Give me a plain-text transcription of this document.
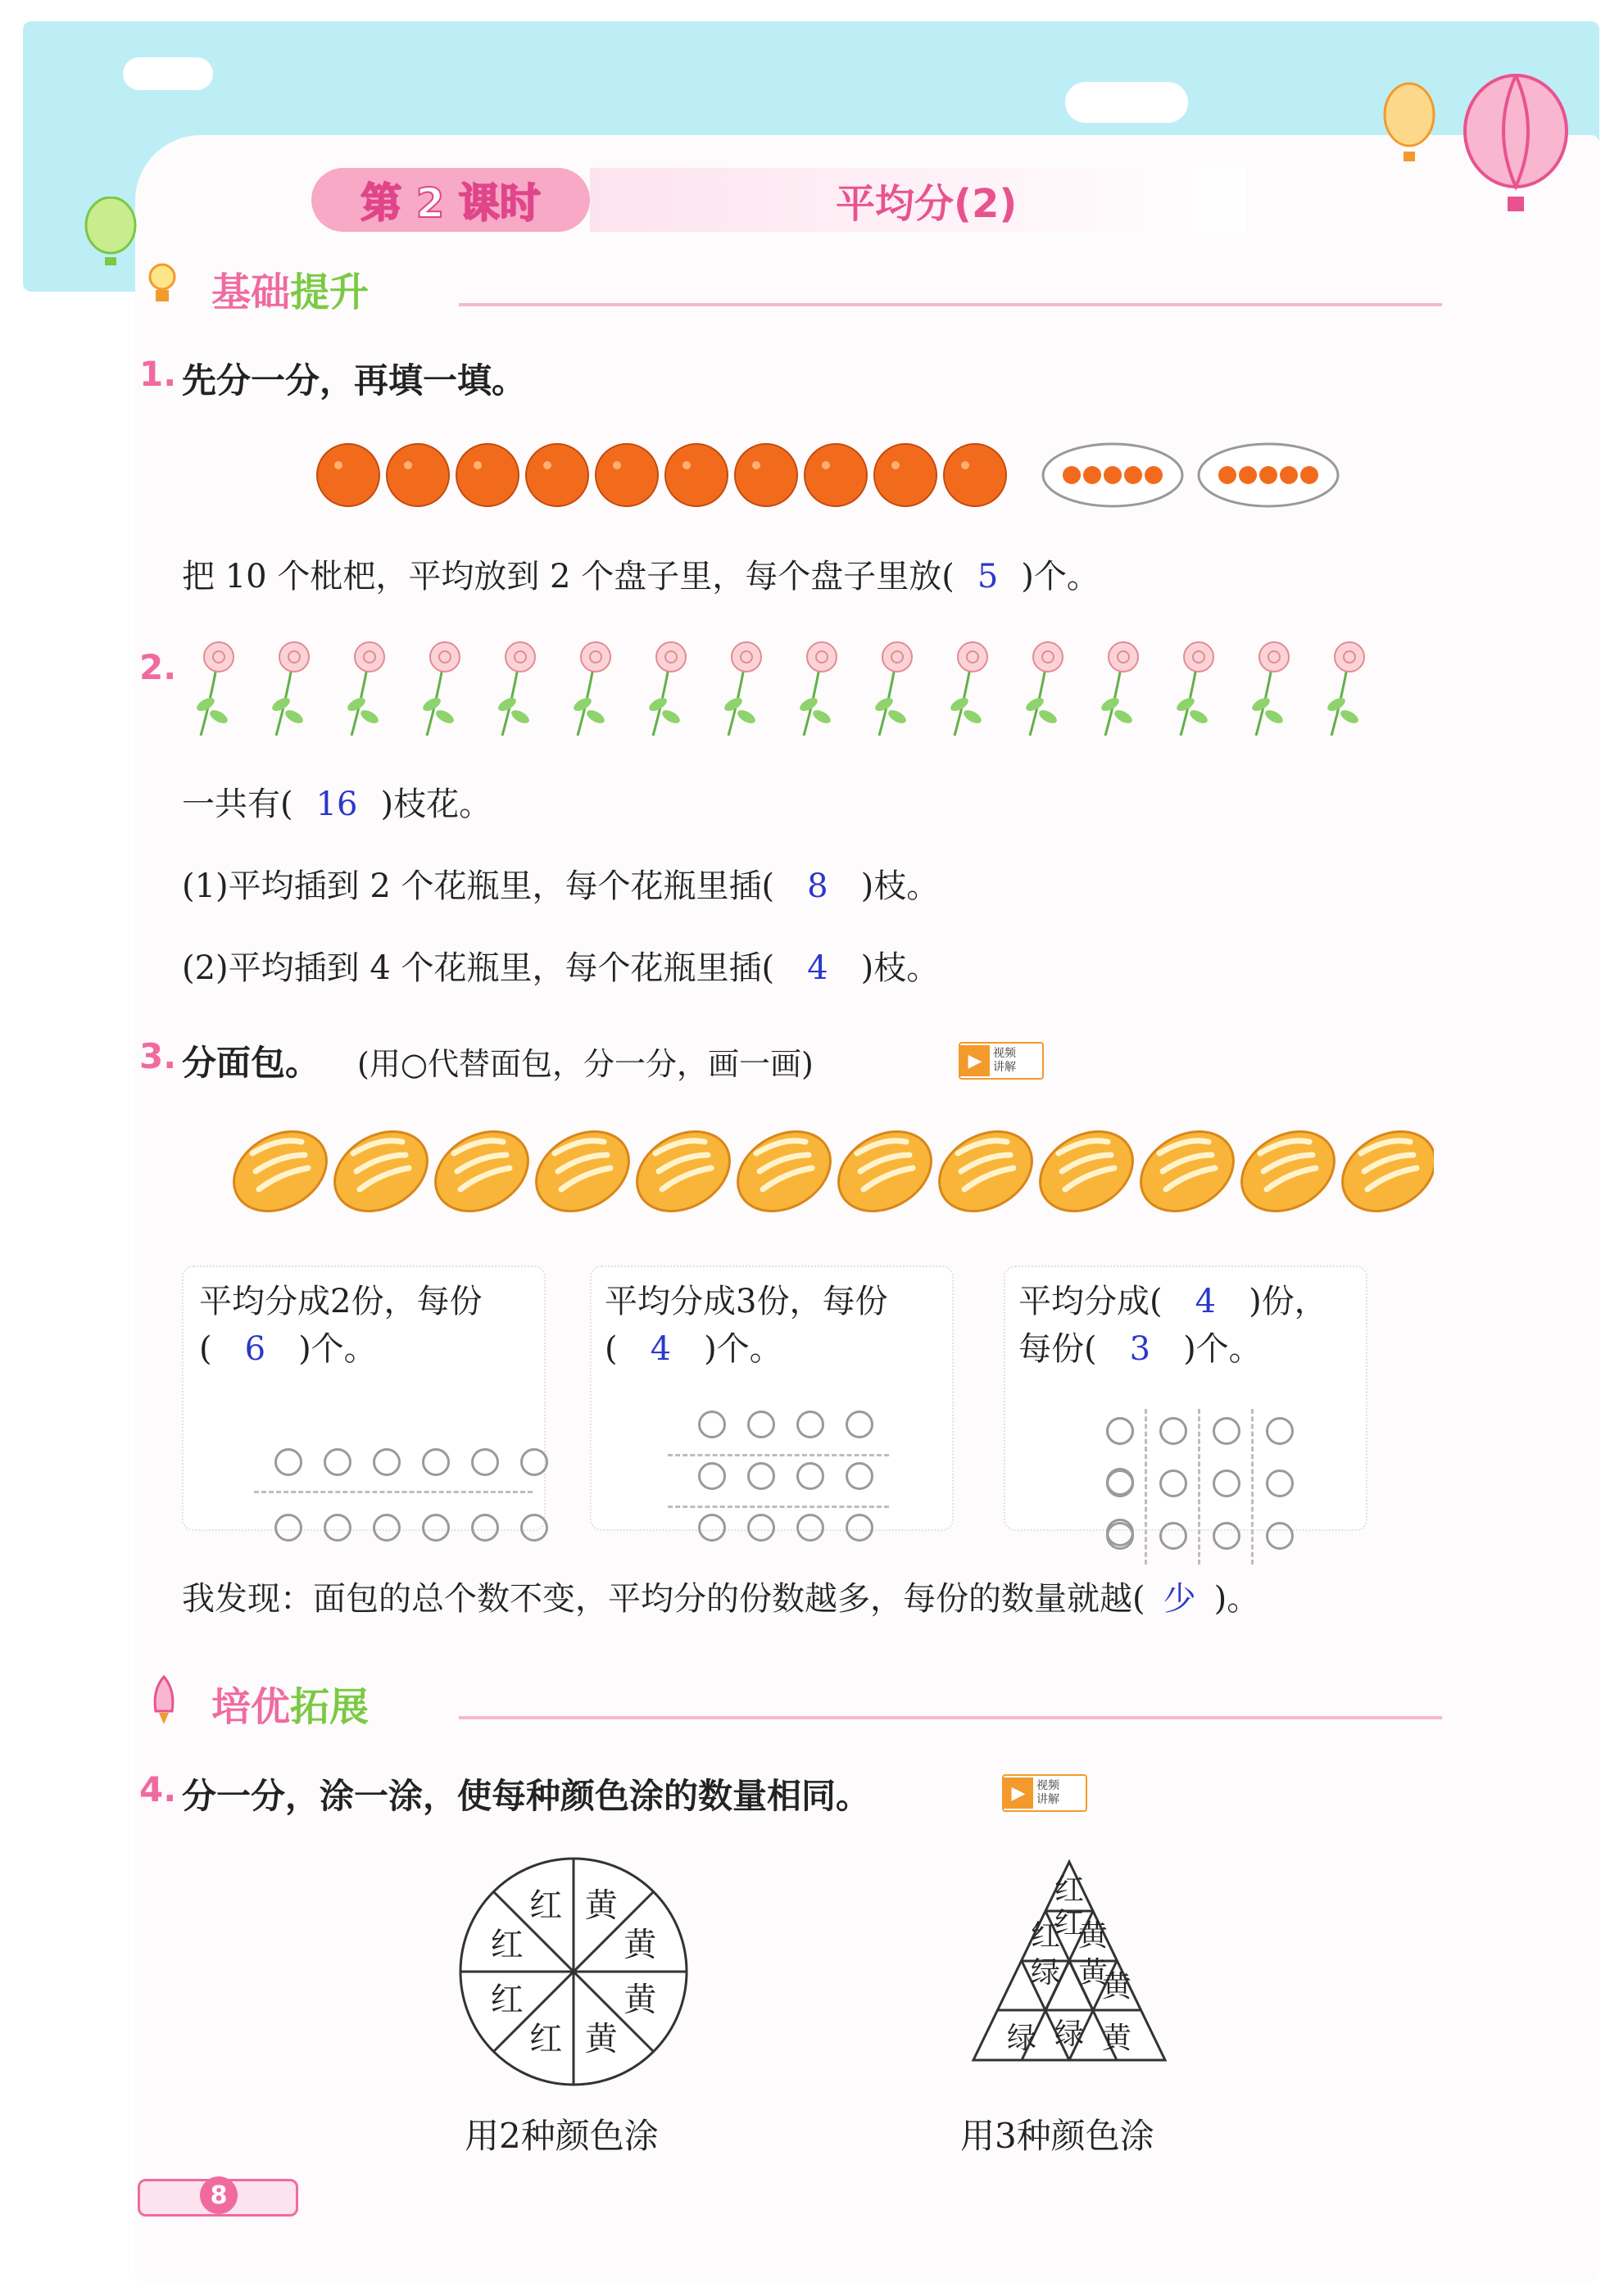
第 2 课时	平均分(2)
基础提升
1. 先分一分，再填一填。
把 10 个枇杷，平均放到 2 个盘子里，每个盘子里放( 5 )个。
2.
一共有( 16 )枝花。
(1)平均插到 2 个花瓶里，每个花瓶里插( 8 )枝。
(2)平均插到 4 个花瓶里，每个花瓶里插( 4 )枝。
3. 分面包。 (用○代替面包，分一分，画一画)	▶ 视频
讲解
平均分成2份，每份
( 6 )个。
平均分成3份，每份
( 4 )个。
平均分成( 4 )份，
每份( 3 )个。
我发现：面包的总个数不变，平均分的份数越多，每份的数量就越( 少 )。
培优拓展
4. 分一分，涂一涂，使每种颜色涂的数量相同。	▶ 视频
讲解
黄
黄
黄
黄
红
红
红
红
用2种颜色涂
红
红
黄
红
黄
绿 黄
绿 绿 黄
用3种颜色涂
8
